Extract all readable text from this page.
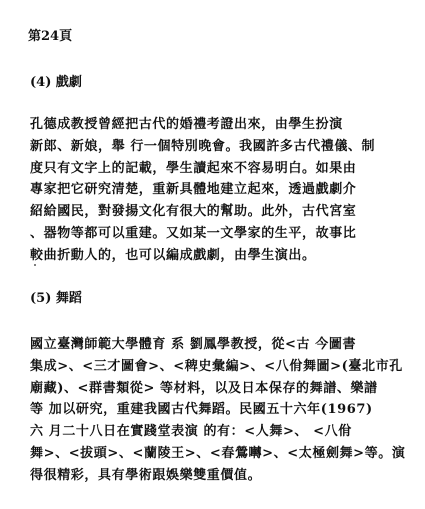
第24頁
(4) 戲劇
孔德成教授曾經把古代的婚禮考證出來，由學生扮演
新郎、新娘，舉 行一個特別晚會。我國許多古代禮儀、制
度只有文字上的記載，學生讀起來不容易明白。如果由
專家把它研究清楚，重新具體地建立起來，透過戲劇介
紹給國民，對發揚文化有很大的幫助。此外，古代宮室
、器物等都可以重建。又如某一文學家的生平，故事比
較曲折動人的，也可以編成戲劇，由學生演出。
(5) 舞蹈
國立臺灣師範大學體育 系 劉鳳學教授，從<古 今圖書
集成>、<三才圖會>、<稗史彙編>、<八佾舞圖>(臺北市孔
廟藏)、<群書類從> 等材料，以及日本保存的舞譜、樂譜
等 加以研究，重建我國古代舞蹈。民國五十六年(1967)
六 月二十八日在實踐堂表演 的有：<人舞>、 <八佾
舞>、<拔頭>、<蘭陵王>、<春鶯囀>、<太極劍舞>等。演
得很精彩，具有學術跟娛樂雙重價值。
